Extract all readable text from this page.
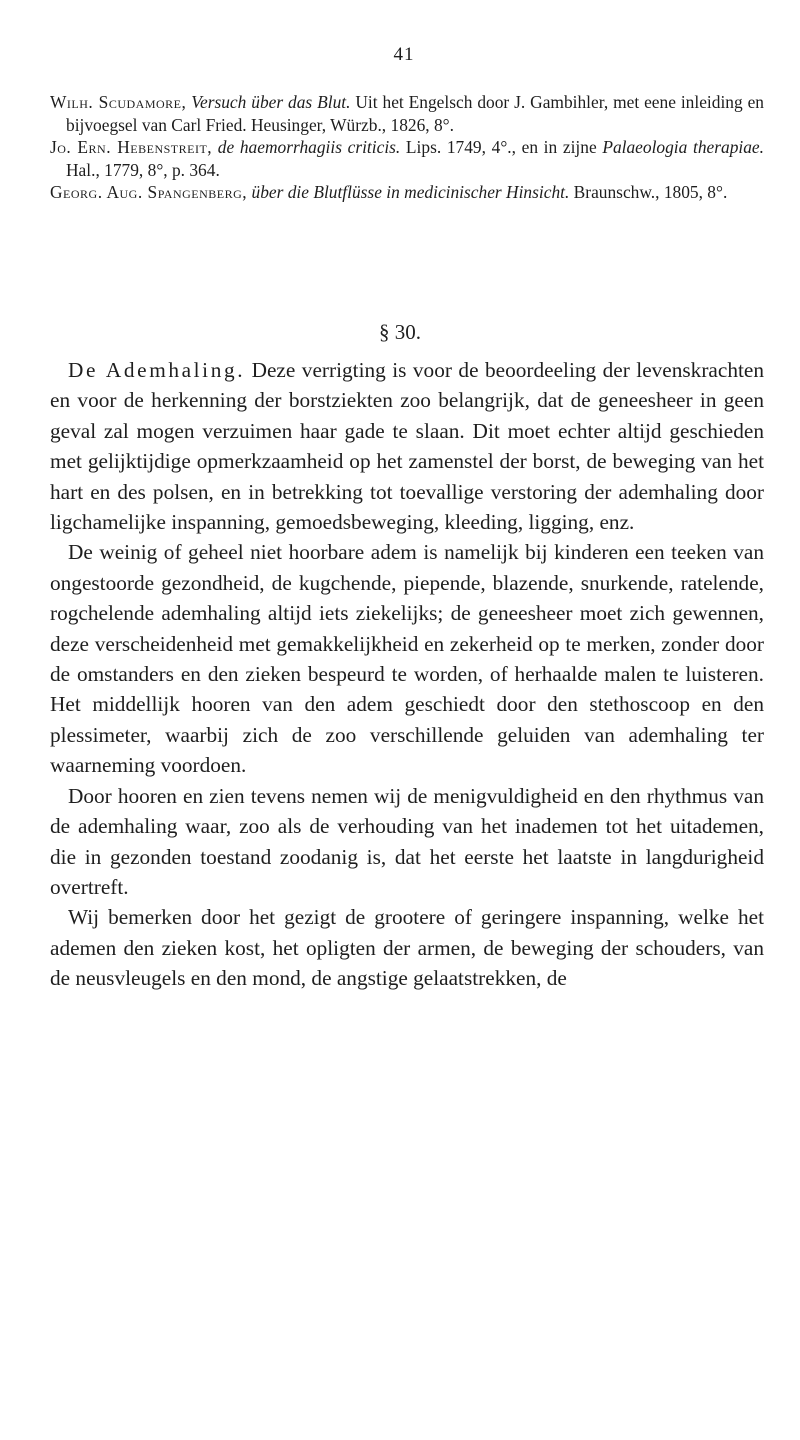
41

Wilh. Scudamore, Versuch über das Blut. Uit het Engelsch door J. Gambihler, met eene inleiding en bijvoegsel van Carl Fried. Heusinger, Würzb., 1826, 8°.

Jo. Ern. Hebenstreit, de haemorrhagiis criticis. Lips. 1749, 4°., en in zijne Palaeologia therapiae. Hal., 1779, 8°, p. 364.

Georg. Aug. Spangenberg, über die Blutflüsse in medicinischer Hinsicht. Braunschw., 1805, 8°.

§ 30.

De Ademhaling. Deze verrigting is voor de beoordeeling der levenskrachten en voor de herkenning der borstziekten zoo belangrijk, dat de geneesheer in geen geval zal mogen verzuimen haar gade te slaan. Dit moet echter altijd geschieden met gelijktijdige opmerkzaamheid op het zamenstel der borst, de beweging van het hart en des polsen, en in betrekking tot toevallige verstoring der ademhaling door ligchamelijke inspanning, gemoedsbeweging, kleeding, ligging, enz.

De weinig of geheel niet hoorbare adem is namelijk bij kinderen een teeken van ongestoorde gezondheid, de kugchende, piepende, blazende, snurkende, ratelende, rogchelende ademhaling altijd iets ziekelijks; de geneesheer moet zich gewennen, deze verscheidenheid met gemakkelijkheid en zekerheid op te merken, zonder door de omstanders en den zieken bespeurd te worden, of herhaalde malen te luisteren. Het middellijk hooren van den adem geschiedt door den stethoscoop en den plessimeter, waarbij zich de zoo verschillende geluiden van ademhaling ter waarneming voordoen.

Door hooren en zien tevens nemen wij de menigvuldigheid en den rhythmus van de ademhaling waar, zoo als de verhouding van het inademen tot het uitademen, die in gezonden toestand zoodanig is, dat het eerste het laatste in langdurigheid overtreft.

Wij bemerken door het gezigt de grootere of geringere inspanning, welke het ademen den zieken kost, het opligten der armen, de beweging der schouders, van de neusvleugels en den mond, de angstige gelaatstrekken, de
